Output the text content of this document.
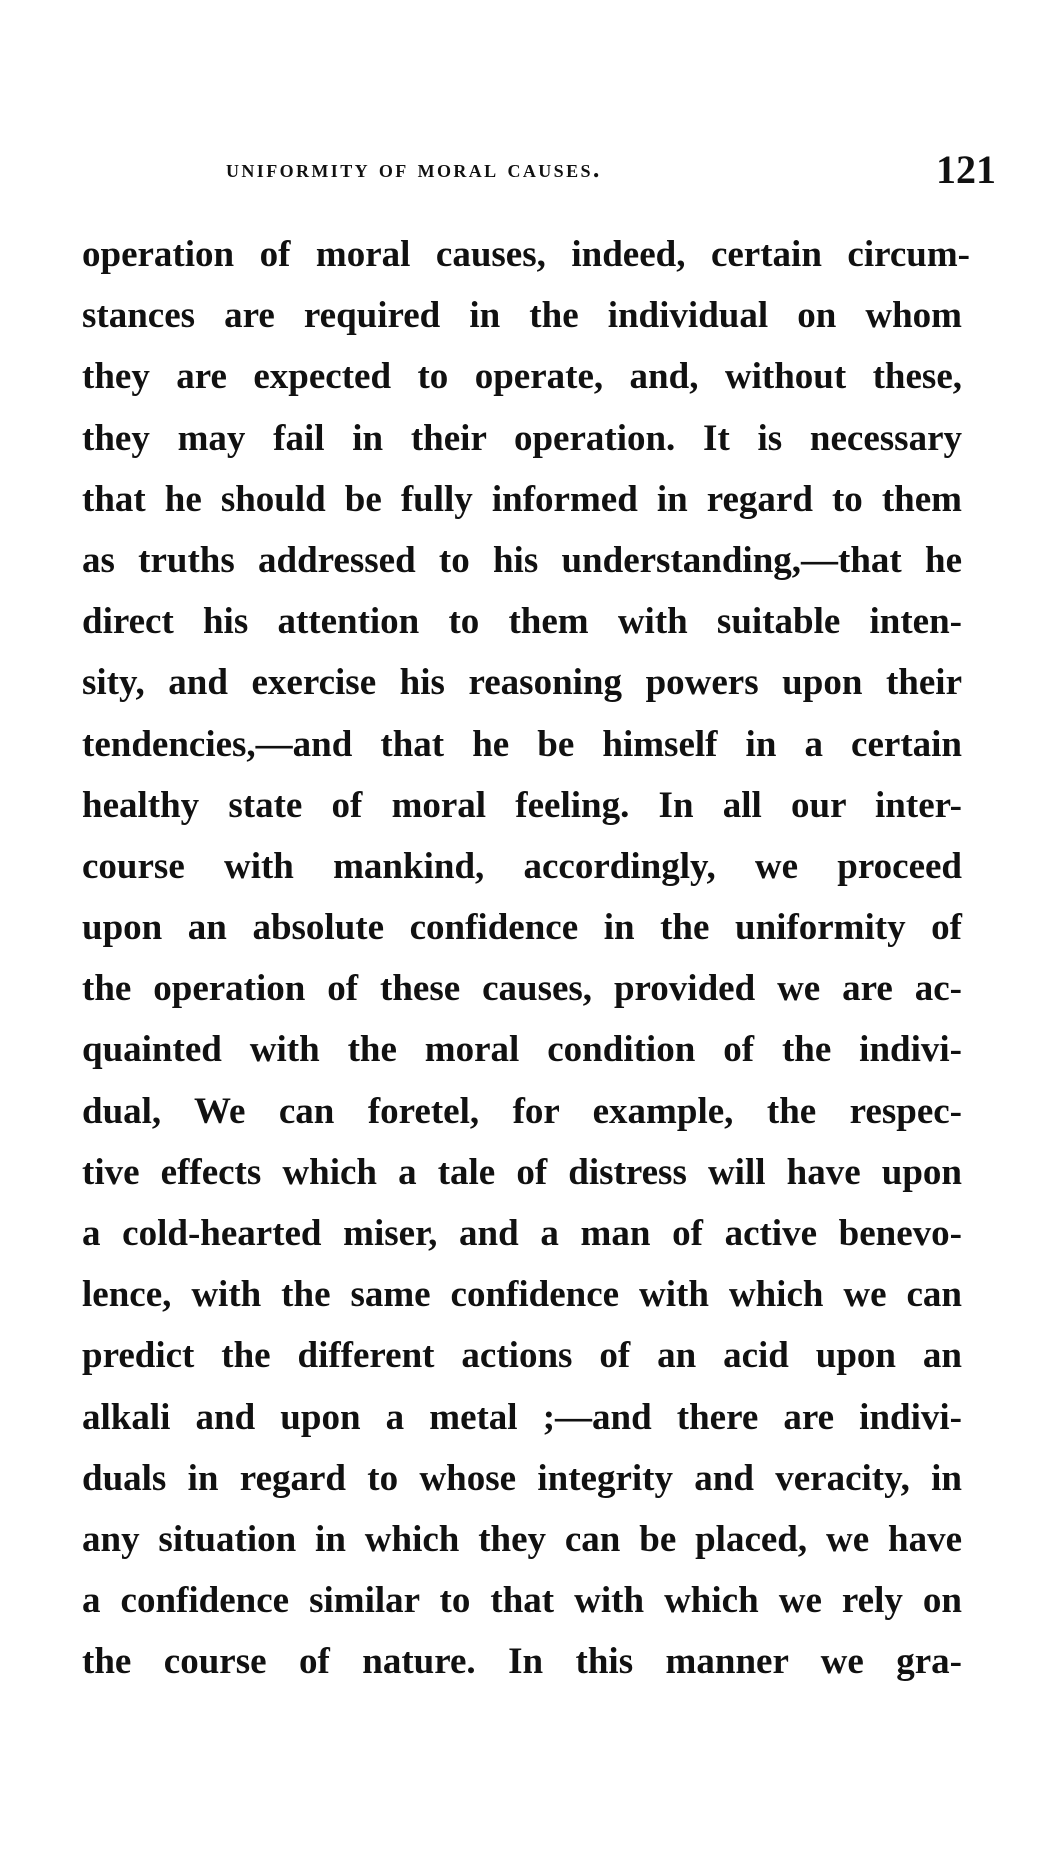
uniformity of moral causes.	121
operation of moral causes, indeed, certain circum-
stances are required in the individual on whom
they are expected to operate, and, without these,
they may fail in their operation. It is necessary
that he should be fully informed in regard to them
as truths addressed to his understanding,—that he
direct his attention to them with suitable inten-
sity, and exercise his reasoning powers upon their
tendencies,—and that he be himself in a certain
healthy state of moral feeling. In all our inter-
course with mankind, accordingly, we proceed
upon an absolute confidence in the uniformity of
the operation of these causes, provided we are ac-
quainted with the moral condition of the indivi-
dual, We can foretel, for example, the respec-
tive effects which a tale of distress will have upon
a cold-hearted miser, and a man of active benevo-
lence, with the same confidence with which we can
predict the different actions of an acid upon an
alkali and upon a metal ;—and there are indivi-
duals in regard to whose integrity and veracity, in
any situation in which they can be placed, we have
a confidence similar to that with which we rely on
the course of nature. In this manner we gra-
